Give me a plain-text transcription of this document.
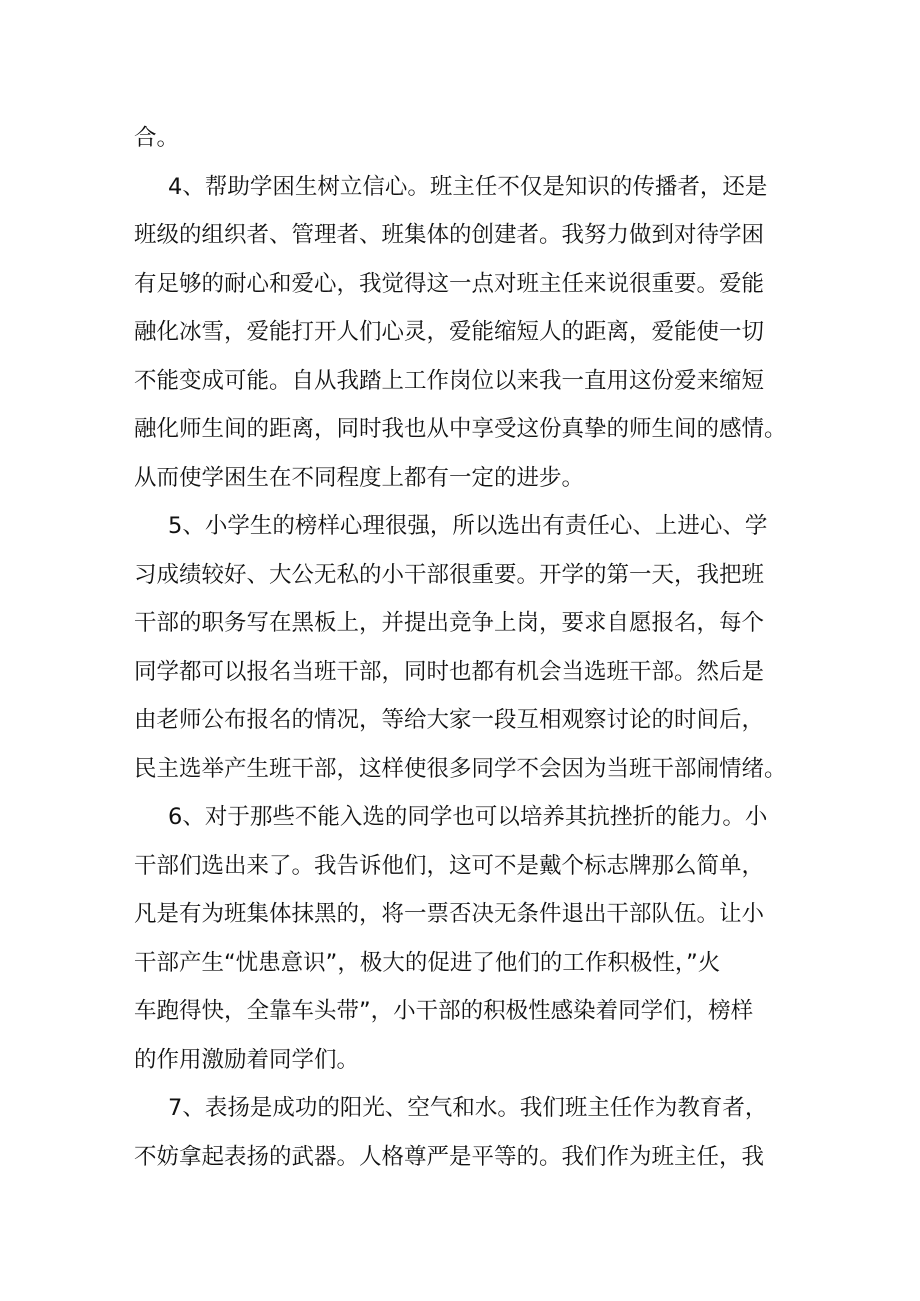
合。
4、帮助学困生树立信心。班主任不仅是知识的传播者，还是
班级的组织者、管理者、班集体的创建者。我努力做到对待学困
有足够的耐心和爱心，我觉得这一点对班主任来说很重要。爱能
融化冰雪，爱能打开人们心灵，爱能缩短人的距离，爱能使一切
不能变成可能。自从我踏上工作岗位以来我一直用这份爱来缩短
融化师生间的距离，同时我也从中享受这份真挚的师生间的感情。
从而使学困生在不同程度上都有一定的进步。
5、小学生的榜样心理很强，所以选出有责任心、上进心、学
习成绩较好、大公无私的小干部很重要。开学的第一天，我把班
干部的职务写在黑板上，并提出竞争上岗，要求自愿报名，每个
同学都可以报名当班干部，同时也都有机会当选班干部。然后是
由老师公布报名的情况，等给大家一段互相观察讨论的时间后，
民主选举产生班干部，这样使很多同学不会因为当班干部闹情绪。
6、对于那些不能入选的同学也可以培养其抗挫折的能力。小
干部们选出来了。我告诉他们，这可不是戴个标志牌那么简单，
凡是有为班集体抹黑的，将一票否决无条件退出干部队伍。让小
干部产生“忧患意识”，极大的促进了他们的工作积极性，”火
车跑得快，全靠车头带”，小干部的积极性感染着同学们，榜样
的作用激励着同学们。
7、表扬是成功的阳光、空气和水。我们班主任作为教育者，
不妨拿起表扬的武器。人格尊严是平等的。我们作为班主任，我
